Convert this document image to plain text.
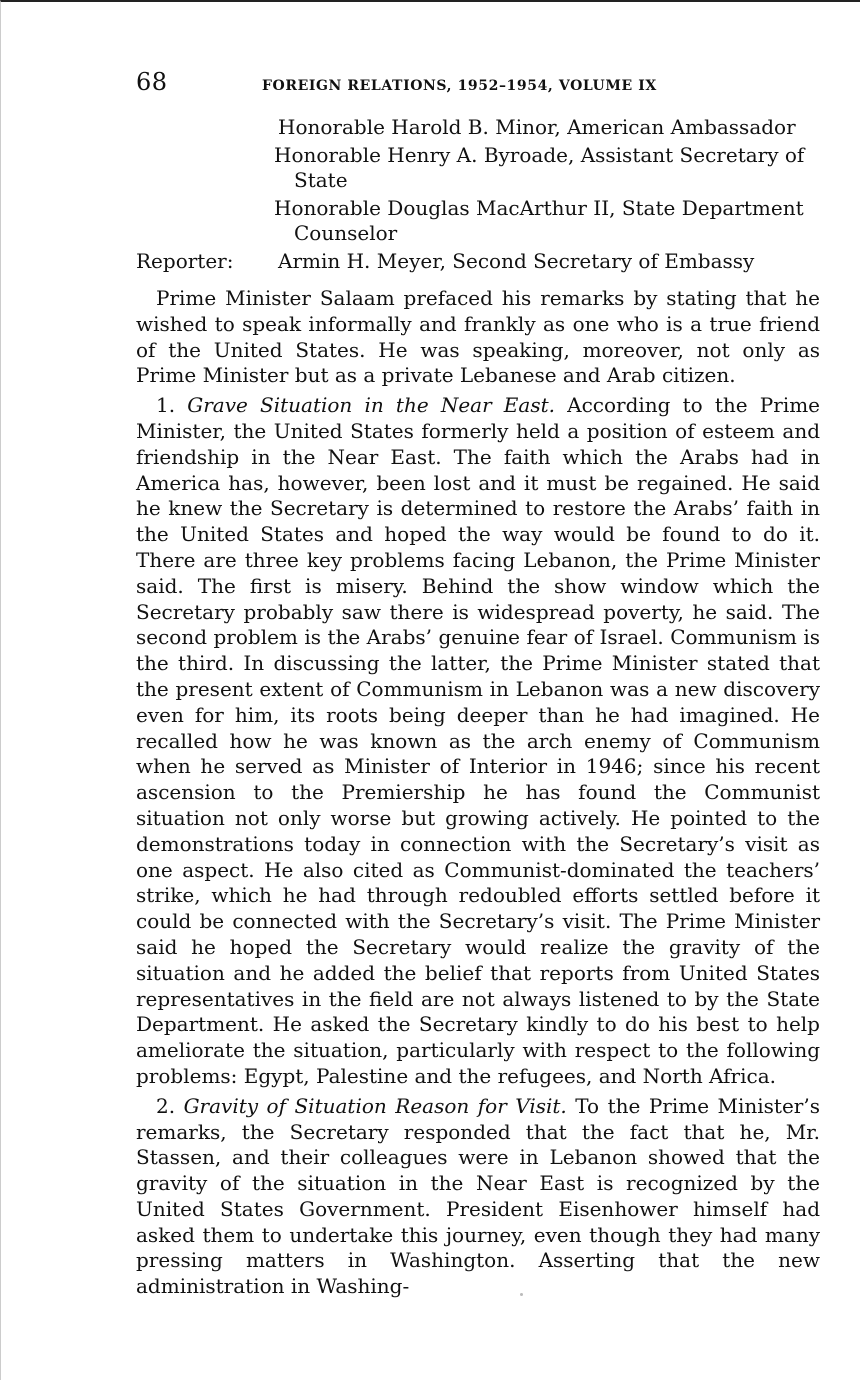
68	FOREIGN RELATIONS, 1952–1954, VOLUME IX
Honorable Harold B. Minor, American Ambassador
Honorable Henry A. Byroade, Assistant Secretary of State
Honorable Douglas MacArthur II, State Department Counselor
Reporter:	Armin H. Meyer, Second Secretary of Embassy

Prime Minister Salaam prefaced his remarks by stating that he wished to speak informally and frankly as one who is a true friend of the United States. He was speaking, moreover, not only as Prime Minister but as a private Lebanese and Arab citizen.

1. Grave Situation in the Near East. According to the Prime Minister, the United States formerly held a position of esteem and friendship in the Near East. The faith which the Arabs had in America has, however, been lost and it must be regained. He said he knew the Secretary is determined to restore the Arabs’ faith in the United States and hoped the way would be found to do it. There are three key problems facing Lebanon, the Prime Minister said. The first is misery. Behind the show window which the Secretary probably saw there is widespread poverty, he said. The second problem is the Arabs’ genuine fear of Israel. Communism is the third. In discussing the latter, the Prime Minister stated that the present extent of Communism in Lebanon was a new discovery even for him, its roots being deeper than he had imagined. He recalled how he was known as the arch enemy of Communism when he served as Minister of Interior in 1946; since his recent ascension to the Premiership he has found the Communist situation not only worse but growing actively. He pointed to the demonstrations today in connection with the Secretary’s visit as one aspect. He also cited as Communist-dominated the teachers’ strike, which he had through redoubled efforts settled before it could be connected with the Secretary’s visit. The Prime Minister said he hoped the Secretary would realize the gravity of the situation and he added the belief that reports from United States representatives in the field are not always listened to by the State Department. He asked the Secretary kindly to do his best to help ameliorate the situation, particularly with respect to the following problems: Egypt, Palestine and the refugees, and North Africa.

2. Gravity of Situation Reason for Visit. To the Prime Minister’s remarks, the Secretary responded that the fact that he, Mr. Stassen, and their colleagues were in Lebanon showed that the gravity of the situation in the Near East is recognized by the United States Government. President Eisenhower himself had asked them to undertake this journey, even though they had many pressing matters in Washington. Asserting that the new administration in Washing-
